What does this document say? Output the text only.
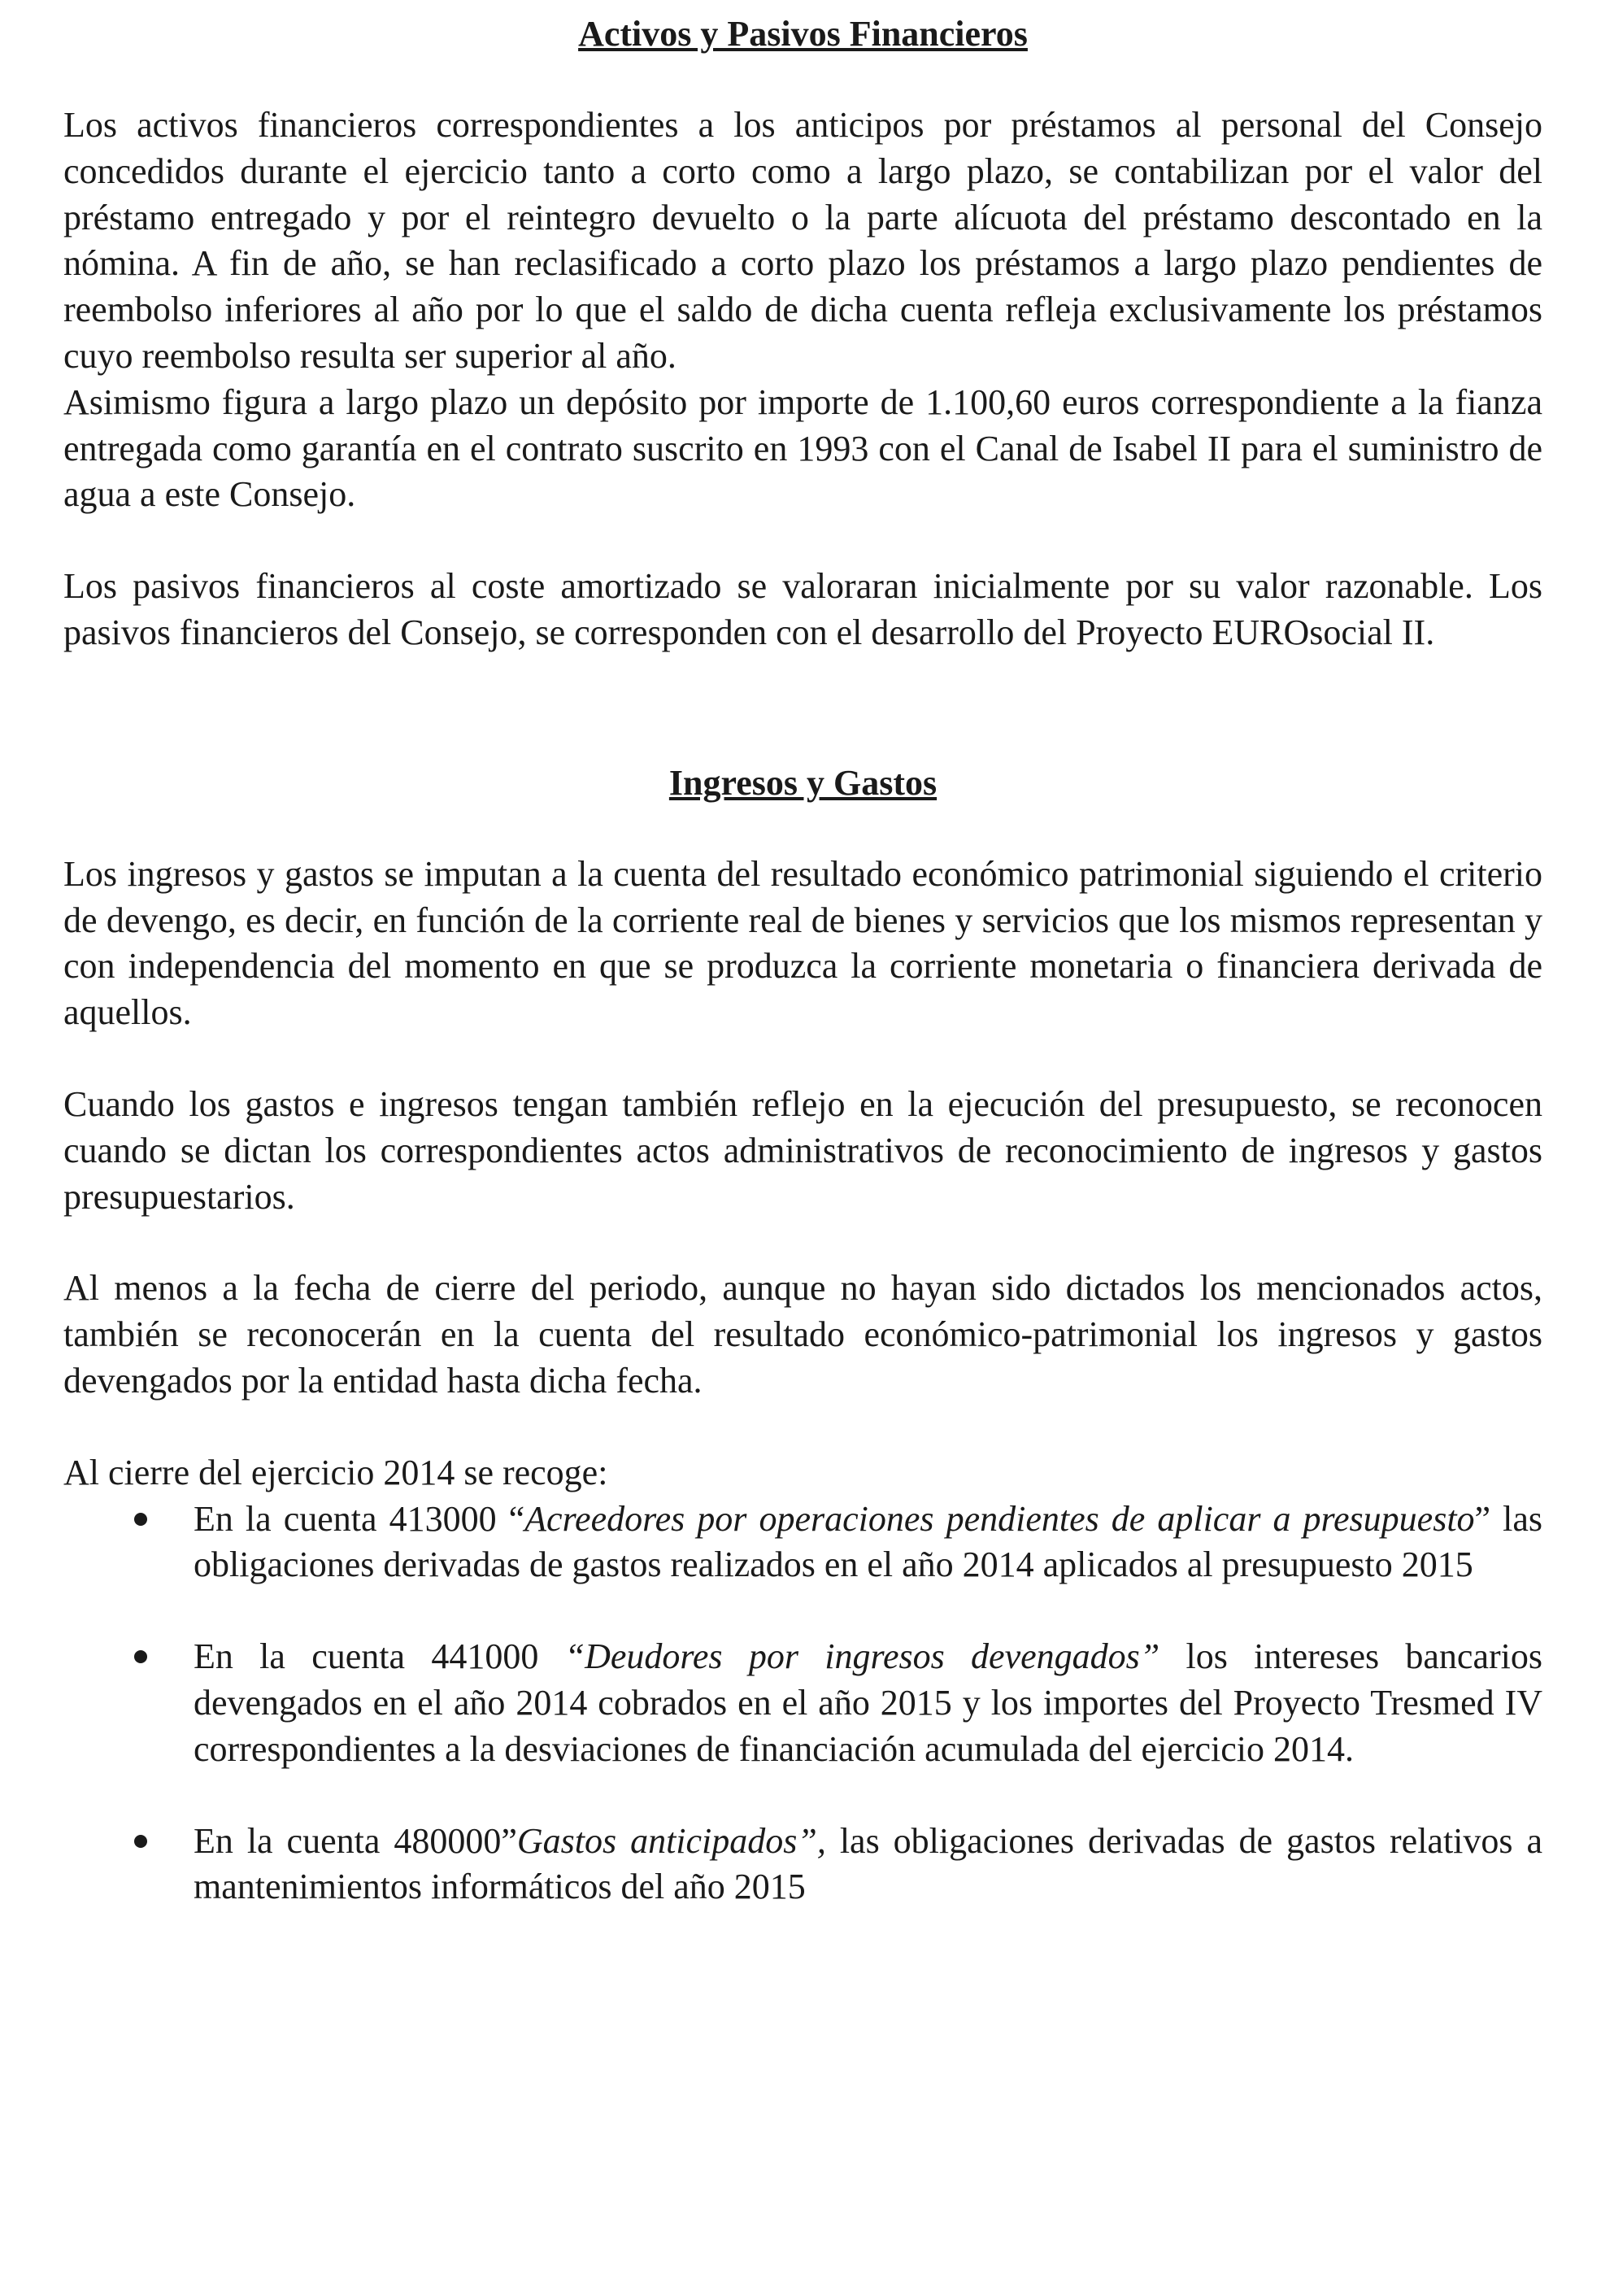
Activos y Pasivos Financieros

Los activos financieros correspondientes a los anticipos por préstamos al personal del Consejo concedidos durante el ejercicio tanto a corto como a largo plazo, se contabilizan por el valor del préstamo entregado y por el reintegro devuelto o la parte alícuota del préstamo descontado en la nómina. A fin de año, se han reclasificado a corto plazo los préstamos a largo plazo pendientes de reembolso inferiores al año por lo que el saldo de dicha cuenta refleja exclusivamente los préstamos cuyo reembolso resulta ser superior al año.

Asimismo figura a largo plazo un depósito por importe de 1.100,60 euros correspondiente a la fianza entregada como garantía en el contrato suscrito en 1993 con el Canal de Isabel II para el suministro de agua a este Consejo.

Los pasivos financieros al coste amortizado se valoraran inicialmente por su valor razonable. Los pasivos financieros del Consejo, se corresponden con el desarrollo del Proyecto EUROsocial II.

Ingresos y Gastos

Los ingresos y gastos se imputan a la cuenta del resultado económico patrimonial siguiendo el criterio de devengo, es decir, en función de la corriente real de bienes y servicios que los mismos representan y con independencia del momento en que se produzca la corriente monetaria o financiera derivada de aquellos.

Cuando los gastos e ingresos tengan también reflejo en la ejecución del presupuesto, se reconocen cuando se dictan los correspondientes actos administrativos de reconocimiento de ingresos y gastos presupuestarios.

Al menos a la fecha de cierre del periodo, aunque no hayan sido dictados los mencionados actos, también se reconocerán en la cuenta del resultado económico-patrimonial los ingresos y gastos devengados por la entidad hasta dicha fecha.

Al cierre del ejercicio 2014 se recoge:

En la cuenta 413000 “Acreedores por operaciones pendientes de aplicar a presupuesto” las obligaciones derivadas de gastos realizados en el año 2014 aplicados al presupuesto 2015
En la cuenta 441000 “Deudores por ingresos devengados” los intereses bancarios devengados en el año 2014 cobrados en el año 2015 y los importes del Proyecto Tresmed IV correspondientes a la desviaciones de financiación acumulada del ejercicio 2014.
En la cuenta 480000”Gastos anticipados”, las obligaciones derivadas de gastos relativos a mantenimientos informáticos del año 2015
